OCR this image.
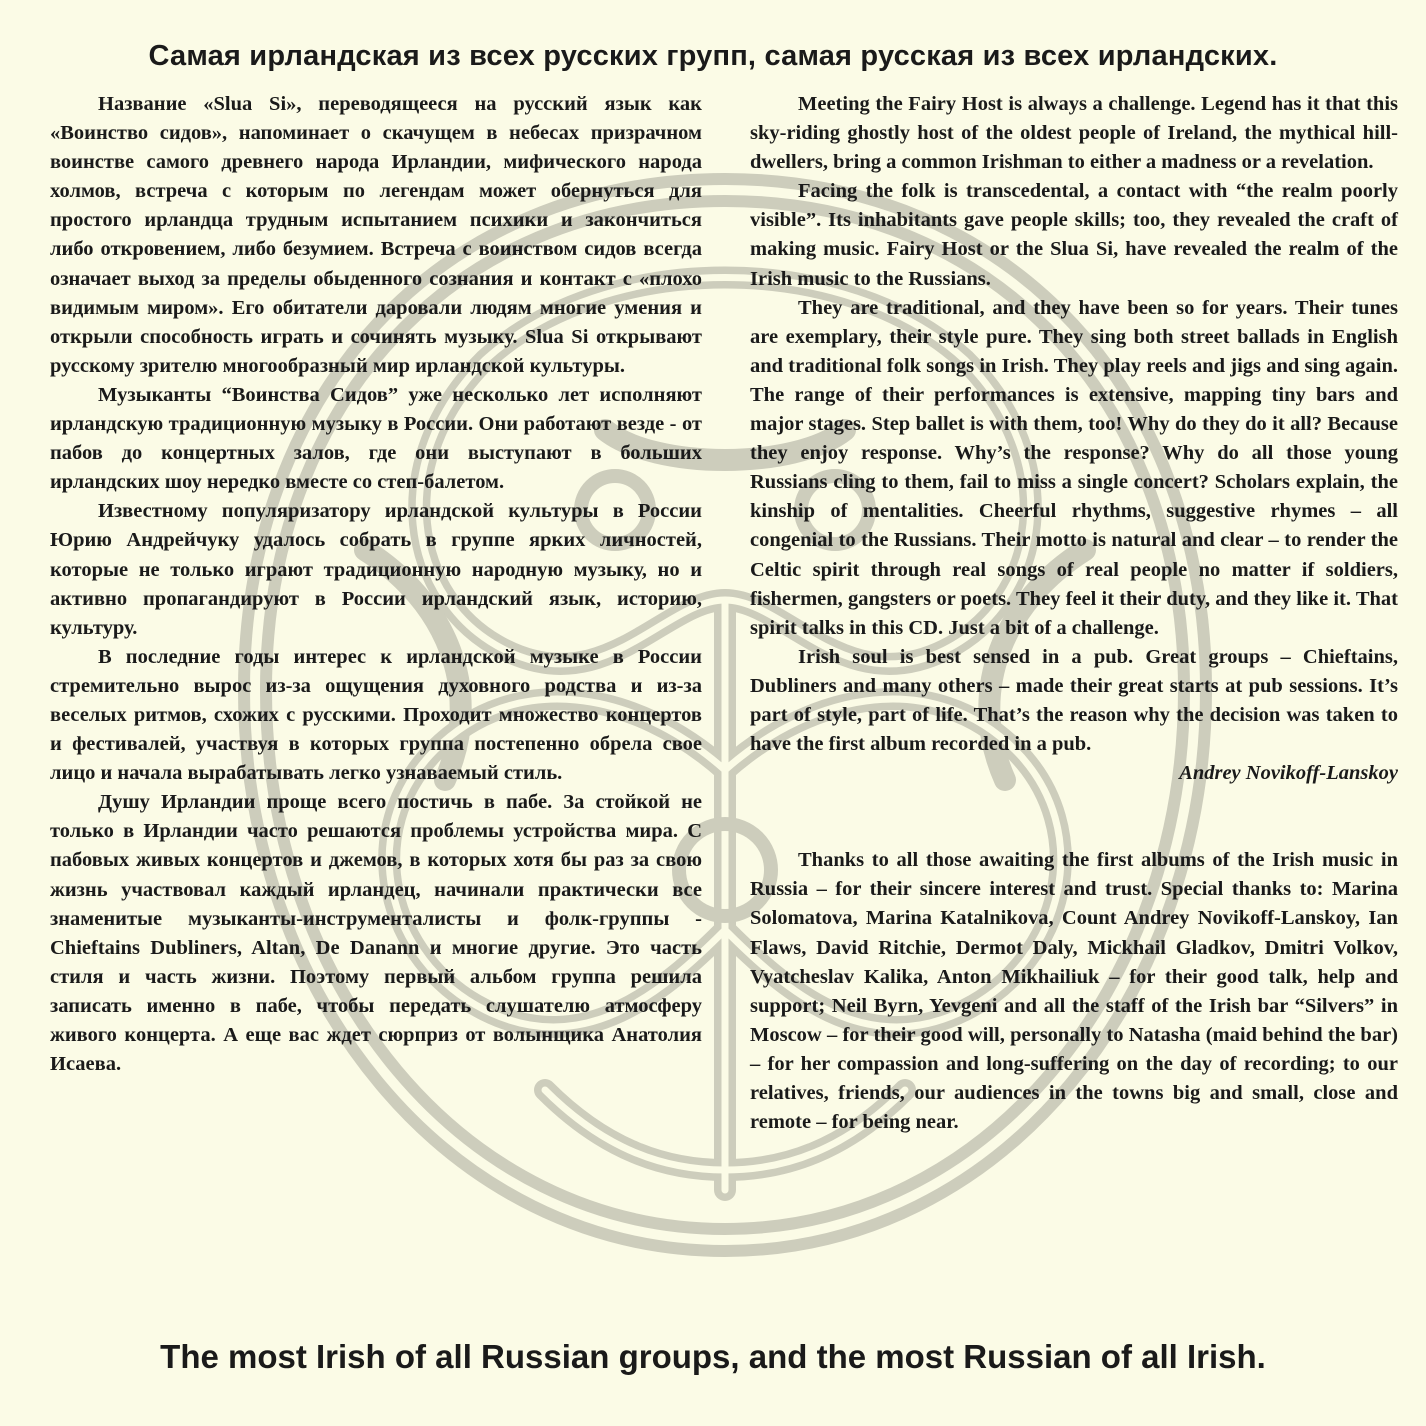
Самая ирландская из всех русских групп, самая русская из всех ирландских.

Название «Slua Si», переводящееся на русский язык как «Воинство сидов», напоминает о скачущем в небесах призрачном воинстве самого древнего народа Ирландии, мифического народа холмов, встреча с которым по легендам может обернуться для простого ирландца трудным испытанием психики и закончиться либо откровением, либо безумием. Встреча с воинством сидов всегда означает выход за пределы обыденного сознания и контакт с «плохо видимым миром». Его обитатели даровали людям многие умения и открыли способность играть и сочинять музыку. Slua Si открывают русскому зрителю многообразный мир ирландской культуры.

Музыканты “Воинства Сидов” уже несколько лет исполняют ирландскую традиционную музыку в России. Они работают везде - от пабов до концертных залов, где они выступают в больших ирландских шоу нередко вместе со степ-балетом.

Известному популяризатору ирландской культуры в России Юрию Андрейчуку удалось собрать в группе ярких личностей, которые не только играют традиционную народную музыку, но и активно пропагандируют в России ирландский язык, историю, культуру.

В последние годы интерес к ирландской музыке в России стремительно вырос из-за ощущения духовного родства и из-за веселых ритмов, схожих с русскими. Проходит множество концертов и фестивалей, участвуя в которых группа постепенно обрела свое лицо и начала вырабатывать легко узнаваемый стиль.

Душу Ирландии проще всего постичь в пабе. За стойкой не только в Ирландии часто решаются проблемы устройства мира. С пабовых живых концертов и джемов, в которых хотя бы раз за свою жизнь участвовал каждый ирландец, начинали практически все знаменитые музыканты-инструменталисты и фолк-группы - Chieftains Dubliners, Altan, De Danann и многие другие. Это часть стиля и часть жизни. Поэтому первый альбом группа решила записать именно в пабе, чтобы передать слушателю атмосферу живого концерта. А еще вас ждет сюрприз от волынщика Анатолия Исаева.

Meeting the Fairy Host is always a challenge. Legend has it that this sky-riding ghostly host of the oldest people of Ireland, the mythical hill-dwellers, bring a common Irishman to either a madness or a revelation.

Facing the folk is transcedental, a contact with “the realm poorly visible”. Its inhabitants gave people skills; too, they revealed the craft of making music. Fairy Host or the Slua Si, have revealed the realm of the Irish music to the Russians.

They are traditional, and they have been so for years. Their tunes are exemplary, their style pure. They sing both street ballads in English and traditional folk songs in Irish. They play reels and jigs and sing again. The range of their performances is extensive, mapping tiny bars and major stages. Step ballet is with them, too! Why do they do it all? Because they enjoy response. Why’s the response? Why do all those young Russians cling to them, fail to miss a single concert? Scholars explain, the kinship of mentalities. Cheerful rhythms, suggestive rhymes – all congenial to the Russians. Their motto is natural and clear – to render the Celtic spirit through real songs of real people no matter if soldiers, fishermen, gangsters or poets. They feel it their duty, and they like it. That spirit talks in this CD. Just a bit of a challenge.

Irish soul is best sensed in a pub. Great groups – Chieftains, Dubliners and many others – made their great starts at pub sessions. It’s part of style, part of life. That’s the reason why the decision was taken to have the first album recorded in a pub.

Andrey Novikoff-Lanskoy

Thanks to all those awaiting the first albums of the Irish music in Russia – for their sincere interest and trust. Special thanks to: Marina Solomatova, Marina Katalnikova, Count Andrey Novikoff-Lanskoy, Ian Flaws, David Ritchie, Dermot Daly, Mickhail Gladkov, Dmitri Volkov, Vyatcheslav Kalika, Anton Mikhailiuk – for their good talk, help and support; Neil Byrn, Yevgeni and all the staff of the Irish bar “Silvers” in Moscow – for their good will, personally to Natasha (maid behind the bar) – for her compassion and long-suffering on the day of recording; to our relatives, friends, our audiences in the towns big and small, close and remote – for being near.

The most Irish of all Russian groups, and the most Russian of all Irish.
